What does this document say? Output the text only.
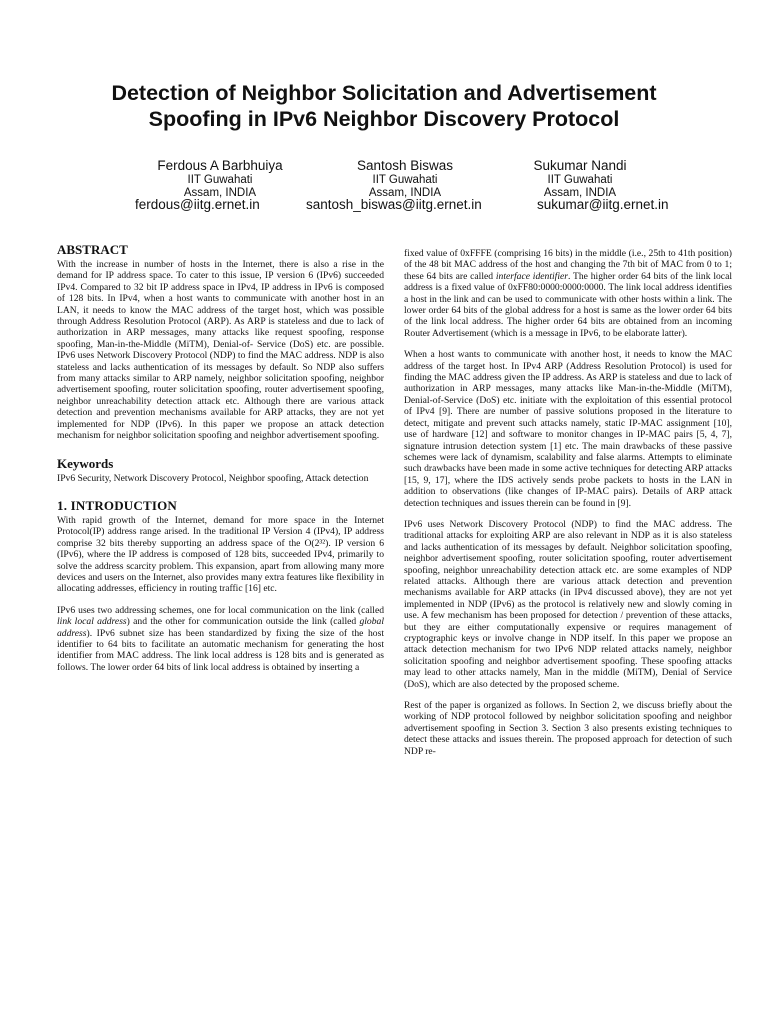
Detection of Neighbor Solicitation and Advertisement
Spoofing in IPv6 Neighbor Discovery Protocol
Ferdous A Barbhuiya
IIT Guwahati
Assam, INDIA
Santosh Biswas
IIT Guwahati
Assam, INDIA
Sukumar Nandi
IIT Guwahati
Assam, INDIA
ferdous@iitg.ernet.in	santosh_biswas@iitg.ernet.in	sukumar@iitg.ernet.in
ABSTRACT

With the increase in number of hosts in the Internet, there is also a rise in the demand for IP address space. To cater to this issue, IP version 6 (IPv6) succeeded IPv4. Compared to 32 bit IP address space in IPv4, IP address in IPv6 is composed of 128 bits. In IPv4, when a host wants to communicate with another host in an LAN, it needs to know the MAC address of the target host, which was possible through Address Resolution Protocol (ARP). As ARP is stateless and due to lack of authorization in ARP messages, many attacks like request spoofing, response spoofing, Man-in-the-Middle (MiTM), Denial-of- Service (DoS) etc. are possible. IPv6 uses Network Discovery Protocol (NDP) to find the MAC address. NDP is also stateless and lacks authentication of its messages by default. So NDP also suffers from many attacks similar to ARP namely, neighbor solicitation spoofing, neighbor advertisement spoofing, router solicitation spoofing, router advertisement spoofing, neighbor unreachability detection attack etc. Although there are various attack detection and prevention mechanisms available for ARP attacks, they are not yet implemented for NDP (IPv6). In this paper we propose an attack detection mechanism for neighbor solicitation spoofing and neighbor advertisement spoofing.

Keywords

IPv6 Security, Network Discovery Protocol, Neighbor spoofing, Attack detection

1. INTRODUCTION

With rapid growth of the Internet, demand for more space in the Internet Protocol(IP) address range arised. In the traditional IP Version 4 (IPv4), IP address comprise 32 bits thereby supporting an address space of the O(2³²). IP version 6 (IPv6), where the IP address is composed of 128 bits, succeeded IPv4, primarily to solve the address scarcity problem. This expansion, apart from allowing many more devices and users on the Internet, also provides many extra features like flexibility in allocating addresses, efficiency in routing traffic [16] etc.

IPv6 uses two addressing schemes, one for local communication on the link (called link local address) and the other for communication outside the link (called global address). IPv6 subnet size has been standardized by fixing the size of the host identifier to 64 bits to facilitate an automatic mechanism for generating the host identifier from MAC address. The link local address is 128 bits and is generated as follows. The lower order 64 bits of link local address is obtained by inserting a

fixed value of 0xFFFE (comprising 16 bits) in the middle (i.e., 25th to 41th position) of the 48 bit MAC address of the host and changing the 7th bit of MAC from 0 to 1; these 64 bits are called interface identifier. The higher order 64 bits of the link local address is a fixed value of 0xFF80:0000:0000:0000. The link local address identifies a host in the link and can be used to communicate with other hosts within a link. The lower order 64 bits of the global address for a host is same as the lower order 64 bits of the link local address. The higher order 64 bits are obtained from an incoming Router Advertisement (which is a message in IPv6, to be elaborate latter).

When a host wants to communicate with another host, it needs to know the MAC address of the target host. In IPv4 ARP (Address Resolution Protocol) is used for finding the MAC address given the IP address. As ARP is stateless and due to lack of authorization in ARP messages, many attacks like Man-in-the-Middle (MiTM), Denial-of-Service (DoS) etc. initiate with the exploitation of this essential protocol of IPv4 [9]. There are number of passive solutions proposed in the literature to detect, mitigate and prevent such attacks namely, static IP-MAC assignment [10], use of hardware [12] and software to monitor changes in IP-MAC pairs [5, 4, 7], signature intrusion detection system [1] etc. The main drawbacks of these passive schemes were lack of dynamism, scalability and false alarms. Attempts to eliminate such drawbacks have been made in some active techniques for detecting ARP attacks [15, 9, 17], where the IDS actively sends probe packets to hosts in the LAN in addition to observations (like changes of IP-MAC pairs). Details of ARP attack detection techniques and issues therein can be found in [9].

IPv6 uses Network Discovery Protocol (NDP) to find the MAC address. The traditional attacks for exploiting ARP are also relevant in NDP as it is also stateless and lacks authentication of its messages by default. Neighbor solicitation spoofing, neighbor advertisement spoofing, router solicitation spoofing, router advertisement spoofing, neighbor unreachability detection attack etc. are some examples of NDP related attacks. Although there are various attack detection and prevention mechanisms available for ARP attacks (in IPv4 discussed above), they are not yet implemented in NDP (IPv6) as the protocol is relatively new and slowly coming in use. A few mechanism has been proposed for detection / prevention of these attacks, but they are either computationally expensive or requires management of cryptographic keys or involve change in NDP itself. In this paper we propose an attack detection mechanism for two IPv6 NDP related attacks namely, neighbor solicitation spoofing and neighbor advertisement spoofing. These spoofing attacks may lead to other attacks namely, Man in the middle (MiTM), Denial of Service (DoS), which are also detected by the proposed scheme.

Rest of the paper is organized as follows. In Section 2, we discuss briefly about the working of NDP protocol followed by neighbor solicitation spoofing and neighbor advertisement spoofing in Section 3. Section 3 also presents existing techniques to detect these attacks and issues therein. The proposed approach for detection of such NDP re-
